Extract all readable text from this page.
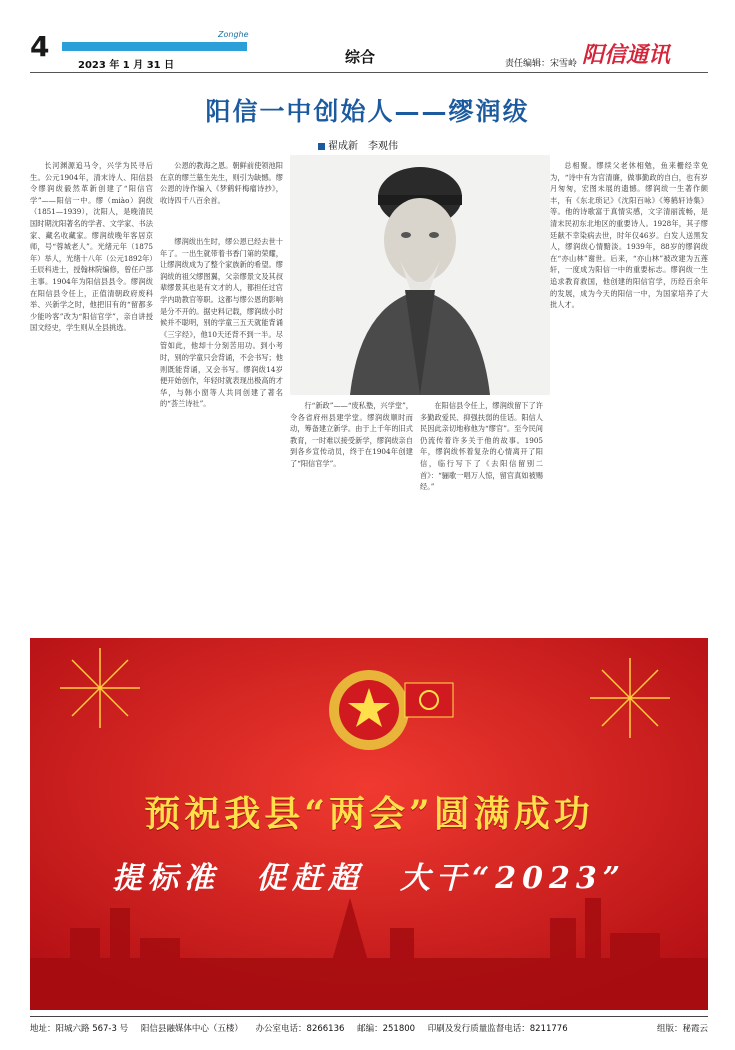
4	Zonghe
2023 年 1 月 31 日	综合	责任编辑：宋雪岭 阳信通讯
阳信一中创始人——缪润绂
翟成新　李观伟

长河渊源追马令，兴学为民寻后生。公元1904年，清末诗人、阳信县令缪润绂毅然革新创建了“阳信官学”——阳信一中。缪（miào）润绂（1851—1939），沈阳人，是晚清民国时期沈阳著名的学者、文学家、书法家、藏名收藏家。缪润绂晚年客居京师，号“蓉城老人”。光绪元年（1875年）举人，光绪十八年（公元1892年）壬辰科进士，授翰林院编修，曾任户部主事。1904年为阳信县县令。缪润绂在阳信县令任上，正值清朝政府废科举、兴新学之时，他把旧有的“留都多少能吟客”改为“阳信官学”，亲自讲授国文经史，学生则从全县挑选。

公恩的教海之恩。朝鲜前使领池阳在京的缪兰墓生先生，则引为缺憾。缪公恩的诗作编入《梦鹤轩梅瘤诗抄》，收诗四千八百余首。

缪润绂出生时，缪公恩已经去世十年了。一出生就带着书香门第的荣耀，让缪润绂成为了整个家族新的希望。缪润绂的祖父缪图翼，父亲缪景文及其叔辈缪景其也是有文才的人，都担任过官学内助教官等职。这都与缪公恩的影响是分不开的。据史料记载，缪润绂小时候并不聪明，别的学童三五天就能背诵《三字经》，他10天还背不到一半。尽管如此，他却十分刻苦用功。到小考时，别的学童只会背诵，不会书写；他则既能背诵，又会书写。缪润绂14岁便开始创作，年轻时就表现出极高的才华，与韩小窗等人共同创建了著名的“荟兰诗社”。	行“新政”——“废私塾，兴学堂”，令各省府州县建学堂。缪润绂顺时而动，筹备建立新学。由于上千年的旧式教育，一时难以接受新学，缪润绂亲自到各乡宣传动员，终于在1904年创建了“阳信官学”。

在阳信县令任上，缪润绂留下了许多勤政爱民、抑强扶弱的佳话。阳信人民因此亲切地称他为“缪官”。至今民间仍流传着许多关于他的故事。1905年，缪润绂怀着复杂的心情离开了阳信，临行写下了《去阳信留别二首》：“骊歌一唱万人惊，留官真如被赐经。”

总相聚。缪续父老休相勉，鱼来栅经幸免为，“诗中有为官清廉，做事勤政的自白，也有岁月匆匆，宏图未展的遗憾。缪润绂一生著作颇丰，有《东北琐记》《沈阳百咏》《筹鹤轩诗集》等。他的诗歌富于真情实感，文字清丽流畅，是清末民初东北地区的重要诗人。1928年，其子缪廷献不幸染病去世，时年仅46岁。白发人送黑发人，缪润绂心情黯淡。1939年，88岁的缪润绂在“亦山林”谢世。后来，“亦山林”被改建为五莲轩，一度成为阳信一中的重要标志。缪润绂一生追求教育救国，他创建的阳信官学，历经百余年的发展，成为今天的阳信一中，为国家培养了大批人才。

预祝我县“两会”圆满成功
提标准　促赶超　大干“2023”
地址：阳城六路 567-3 号 阳信县融媒体中心（五楼） 办公室电话：8266136 邮编：251800 印刷及发行质量监督电话：8211776	组版：秘霞云
